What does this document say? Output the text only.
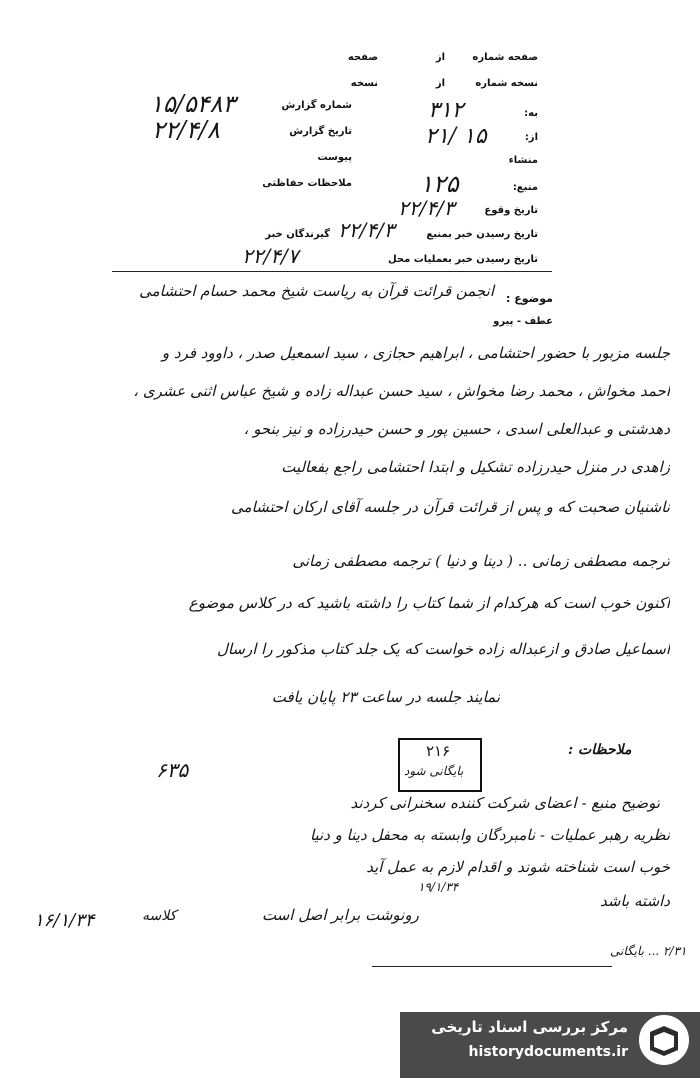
صفحه شماره
از
صفحه
نسخه شماره
از
نسخه
به:
۳۱۲
از:
۲۱/ ۱۵
منشاء
منبع:
۱۲۵
تاریخ وقوع
۲۲/۴/۳
تاریخ رسیدن خبر بمنبع
۲۲/۴/۳
گیرندگان خبر
تاریخ رسیدن خبر بعملیات محل
۲۲/۴/۷
شماره گزارش
۱۵/۵۴۸۳
تاریخ گزارش
۲۲/۴/۸
پیوست
ملاحظات حفاظتی
موضوع :
انجمن قرائت قرآن به ریاست شیخ محمد حسام احتشامی
عطف - پیرو
جلسه مزبور با حضور احتشامی ، ابراهیم حجازی ، سید اسمعیل صدر ، داوود فرد و
احمد مخواش ، محمد رضا مخواش ، سید حسن عبداله زاده و شیخ عباس اثنی عشری ،
دهدشتی و عبدالعلی اسدی ، حسین پور و حسن حیدرزاده و نیز بنحو ،
زاهدی در منزل حیدرزاده تشکیل و ابتدا احتشامی راجع بفعالیت
ناشنیان صحبت که و پس از قرائت قرآن در جلسه آقای ارکان احتشامی
ترجمه مصطفی زمانی .. ( دینا و دنیا ) ترجمه مصطفی زمانی
اکنون خوب است که هرکدام از شما کتاب را داشته باشید که در کلاس موضوع
اسماعیل صادق و ازعبداله زاده خواست که یک جلد کتاب مذکور را ارسال
نمایند جلسه در ساعت ۲۳ پایان یافت
ملاحظات :
۶۳۵
۲۱۶
بایگانی شود
توضیح منبع - اعضای شرکت کننده سخنرانی کردند
نظریه رهبر عملیات - نامبردگان وابسته به محفل دینا و دنیا
خوب است شناخته شوند و اقدام لازم به عمل آید
داشته باشد
۱۹/۱/۳۴
۱۶/۱/۳۴	رونوشت برابر اصل است
کلاسه
۲/۳۱ ... بایگانی
مرکز بررسی اسناد تاریخی
historydocuments.ir
